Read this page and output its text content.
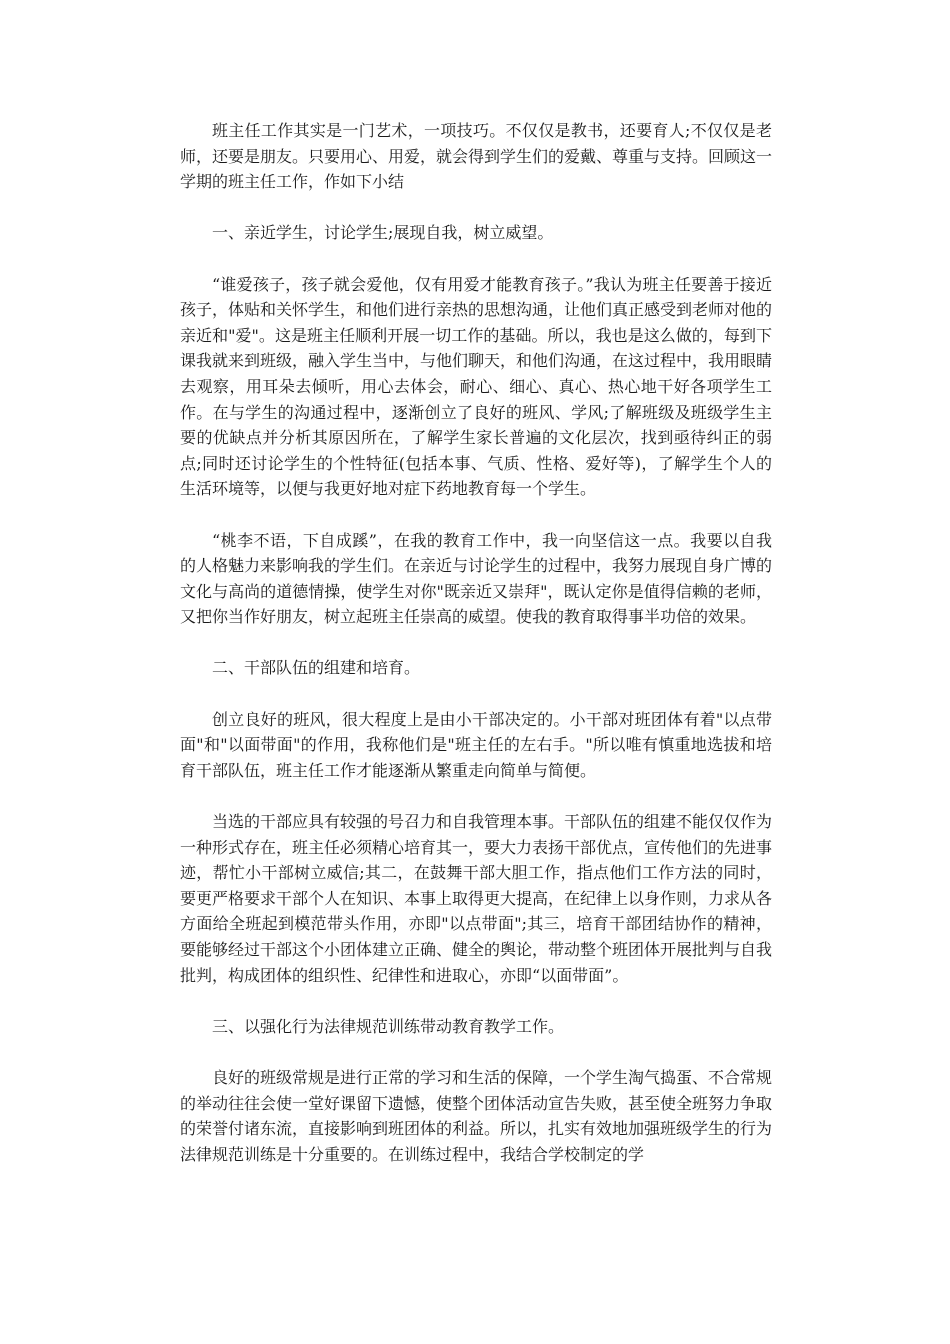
班主任工作其实是一门艺术，一项技巧。不仅仅是教书，还要育人;不仅仅是老师，还要是朋友。只要用心、用爱，就会得到学生们的爱戴、尊重与支持。回顾这一学期的班主任工作，作如下小结

一、亲近学生，讨论学生;展现自我，树立威望。

“谁爱孩子，孩子就会爱他，仅有用爱才能教育孩子。”我认为班主任要善于接近孩子，体贴和关怀学生，和他们进行亲热的思想沟通，让他们真正感受到老师对他的亲近和"爱"。这是班主任顺利开展一切工作的基础。所以，我也是这么做的，每到下课我就来到班级，融入学生当中，与他们聊天，和他们沟通，在这过程中，我用眼睛去观察，用耳朵去倾听，用心去体会，耐心、细心、真心、热心地干好各项学生工作。在与学生的沟通过程中，逐渐创立了良好的班风、学风;了解班级及班级学生主要的优缺点并分析其原因所在，了解学生家长普遍的文化层次，找到亟待纠正的弱点;同时还讨论学生的个性特征(包括本事、气质、性格、爱好等)，了解学生个人的生活环境等，以便与我更好地对症下药地教育每一个学生。

“桃李不语，下自成蹊”，在我的教育工作中，我一向坚信这一点。我要以自我的人格魅力来影响我的学生们。在亲近与讨论学生的过程中，我努力展现自身广博的文化与高尚的道德情操，使学生对你"既亲近又崇拜"，既认定你是值得信赖的老师，又把你当作好朋友，树立起班主任崇高的威望。使我的教育取得事半功倍的效果。

二、干部队伍的组建和培育。

创立良好的班风，很大程度上是由小干部决定的。小干部对班团体有着"以点带面"和"以面带面"的作用，我称他们是"班主任的左右手。"所以唯有慎重地选拔和培育干部队伍，班主任工作才能逐渐从繁重走向简单与简便。

当选的干部应具有较强的号召力和自我管理本事。干部队伍的组建不能仅仅作为一种形式存在，班主任必须精心培育其一，要大力表扬干部优点，宣传他们的先进事迹，帮忙小干部树立威信;其二，在鼓舞干部大胆工作，指点他们工作方法的同时，要更严格要求干部个人在知识、本事上取得更大提高，在纪律上以身作则，力求从各方面给全班起到模范带头作用，亦即"以点带面";其三，培育干部团结协作的精神，要能够经过干部这个小团体建立正确、健全的舆论，带动整个班团体开展批判与自我批判，构成团体的组织性、纪律性和进取心，亦即“以面带面”。

三、以强化行为法律规范训练带动教育教学工作。

良好的班级常规是进行正常的学习和生活的保障，一个学生淘气捣蛋、不合常规的举动往往会使一堂好课留下遗憾，使整个团体活动宣告失败，甚至使全班努力争取的荣誉付诸东流，直接影响到班团体的利益。所以，扎实有效地加强班级学生的行为法律规范训练是十分重要的。在训练过程中，我结合学校制定的学
